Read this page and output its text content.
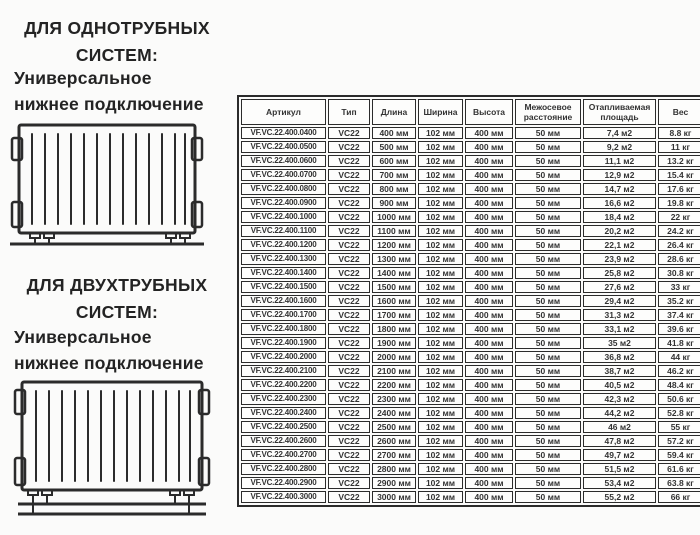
ДЛЯ ОДНОТРУБНЫХ СИСТЕМ:
Универсальное нижнее подключение
ДЛЯ ДВУХТРУБНЫХ СИСТЕМ:
Универсальное нижнее подключение
Артикул	Тип	Длина	Ширина	Высота	Межосевое расстояние	Отапливаемая площадь	Вес
VF.VC.22.400.0400	VC22	400 мм	102 мм	400 мм	50 мм	7,4 м2	8.8 кг
VF.VC.22.400.0500	VC22	500 мм	102 мм	400 мм	50 мм	9,2 м2	11 кг
VF.VC.22.400.0600	VC22	600 мм	102 мм	400 мм	50 мм	11,1 м2	13.2 кг
VF.VC.22.400.0700	VC22	700 мм	102 мм	400 мм	50 мм	12,9 м2	15.4 кг
VF.VC.22.400.0800	VC22	800 мм	102 мм	400 мм	50 мм	14,7 м2	17.6 кг
VF.VC.22.400.0900	VC22	900 мм	102 мм	400 мм	50 мм	16,6 м2	19.8 кг
VF.VC.22.400.1000	VC22	1000 мм	102 мм	400 мм	50 мм	18,4 м2	22 кг
VF.VC.22.400.1100	VC22	1100 мм	102 мм	400 мм	50 мм	20,2 м2	24.2 кг
VF.VC.22.400.1200	VC22	1200 мм	102 мм	400 мм	50 мм	22,1 м2	26.4 кг
VF.VC.22.400.1300	VC22	1300 мм	102 мм	400 мм	50 мм	23,9 м2	28.6 кг
VF.VC.22.400.1400	VC22	1400 мм	102 мм	400 мм	50 мм	25,8 м2	30.8 кг
VF.VC.22.400.1500	VC22	1500 мм	102 мм	400 мм	50 мм	27,6 м2	33 кг
VF.VC.22.400.1600	VC22	1600 мм	102 мм	400 мм	50 мм	29,4 м2	35.2 кг
VF.VC.22.400.1700	VC22	1700 мм	102 мм	400 мм	50 мм	31,3 м2	37.4 кг
VF.VC.22.400.1800	VC22	1800 мм	102 мм	400 мм	50 мм	33,1 м2	39.6 кг
VF.VC.22.400.1900	VC22	1900 мм	102 мм	400 мм	50 мм	35 м2	41.8 кг
VF.VC.22.400.2000	VC22	2000 мм	102 мм	400 мм	50 мм	36,8 м2	44 кг
VF.VC.22.400.2100	VC22	2100 мм	102 мм	400 мм	50 мм	38,7 м2	46.2 кг
VF.VC.22.400.2200	VC22	2200 мм	102 мм	400 мм	50 мм	40,5 м2	48.4 кг
VF.VC.22.400.2300	VC22	2300 мм	102 мм	400 мм	50 мм	42,3 м2	50.6 кг
VF.VC.22.400.2400	VC22	2400 мм	102 мм	400 мм	50 мм	44,2 м2	52.8 кг
VF.VC.22.400.2500	VC22	2500 мм	102 мм	400 мм	50 мм	46 м2	55 кг
VF.VC.22.400.2600	VC22	2600 мм	102 мм	400 мм	50 мм	47,8 м2	57.2 кг
VF.VC.22.400.2700	VC22	2700 мм	102 мм	400 мм	50 мм	49,7 м2	59.4 кг
VF.VC.22.400.2800	VC22	2800 мм	102 мм	400 мм	50 мм	51,5 м2	61.6 кг
VF.VC.22.400.2900	VC22	2900 мм	102 мм	400 мм	50 мм	53,4 м2	63.8 кг
VF.VC.22.400.3000	VC22	3000 мм	102 мм	400 мм	50 мм	55,2 м2	66 кг
